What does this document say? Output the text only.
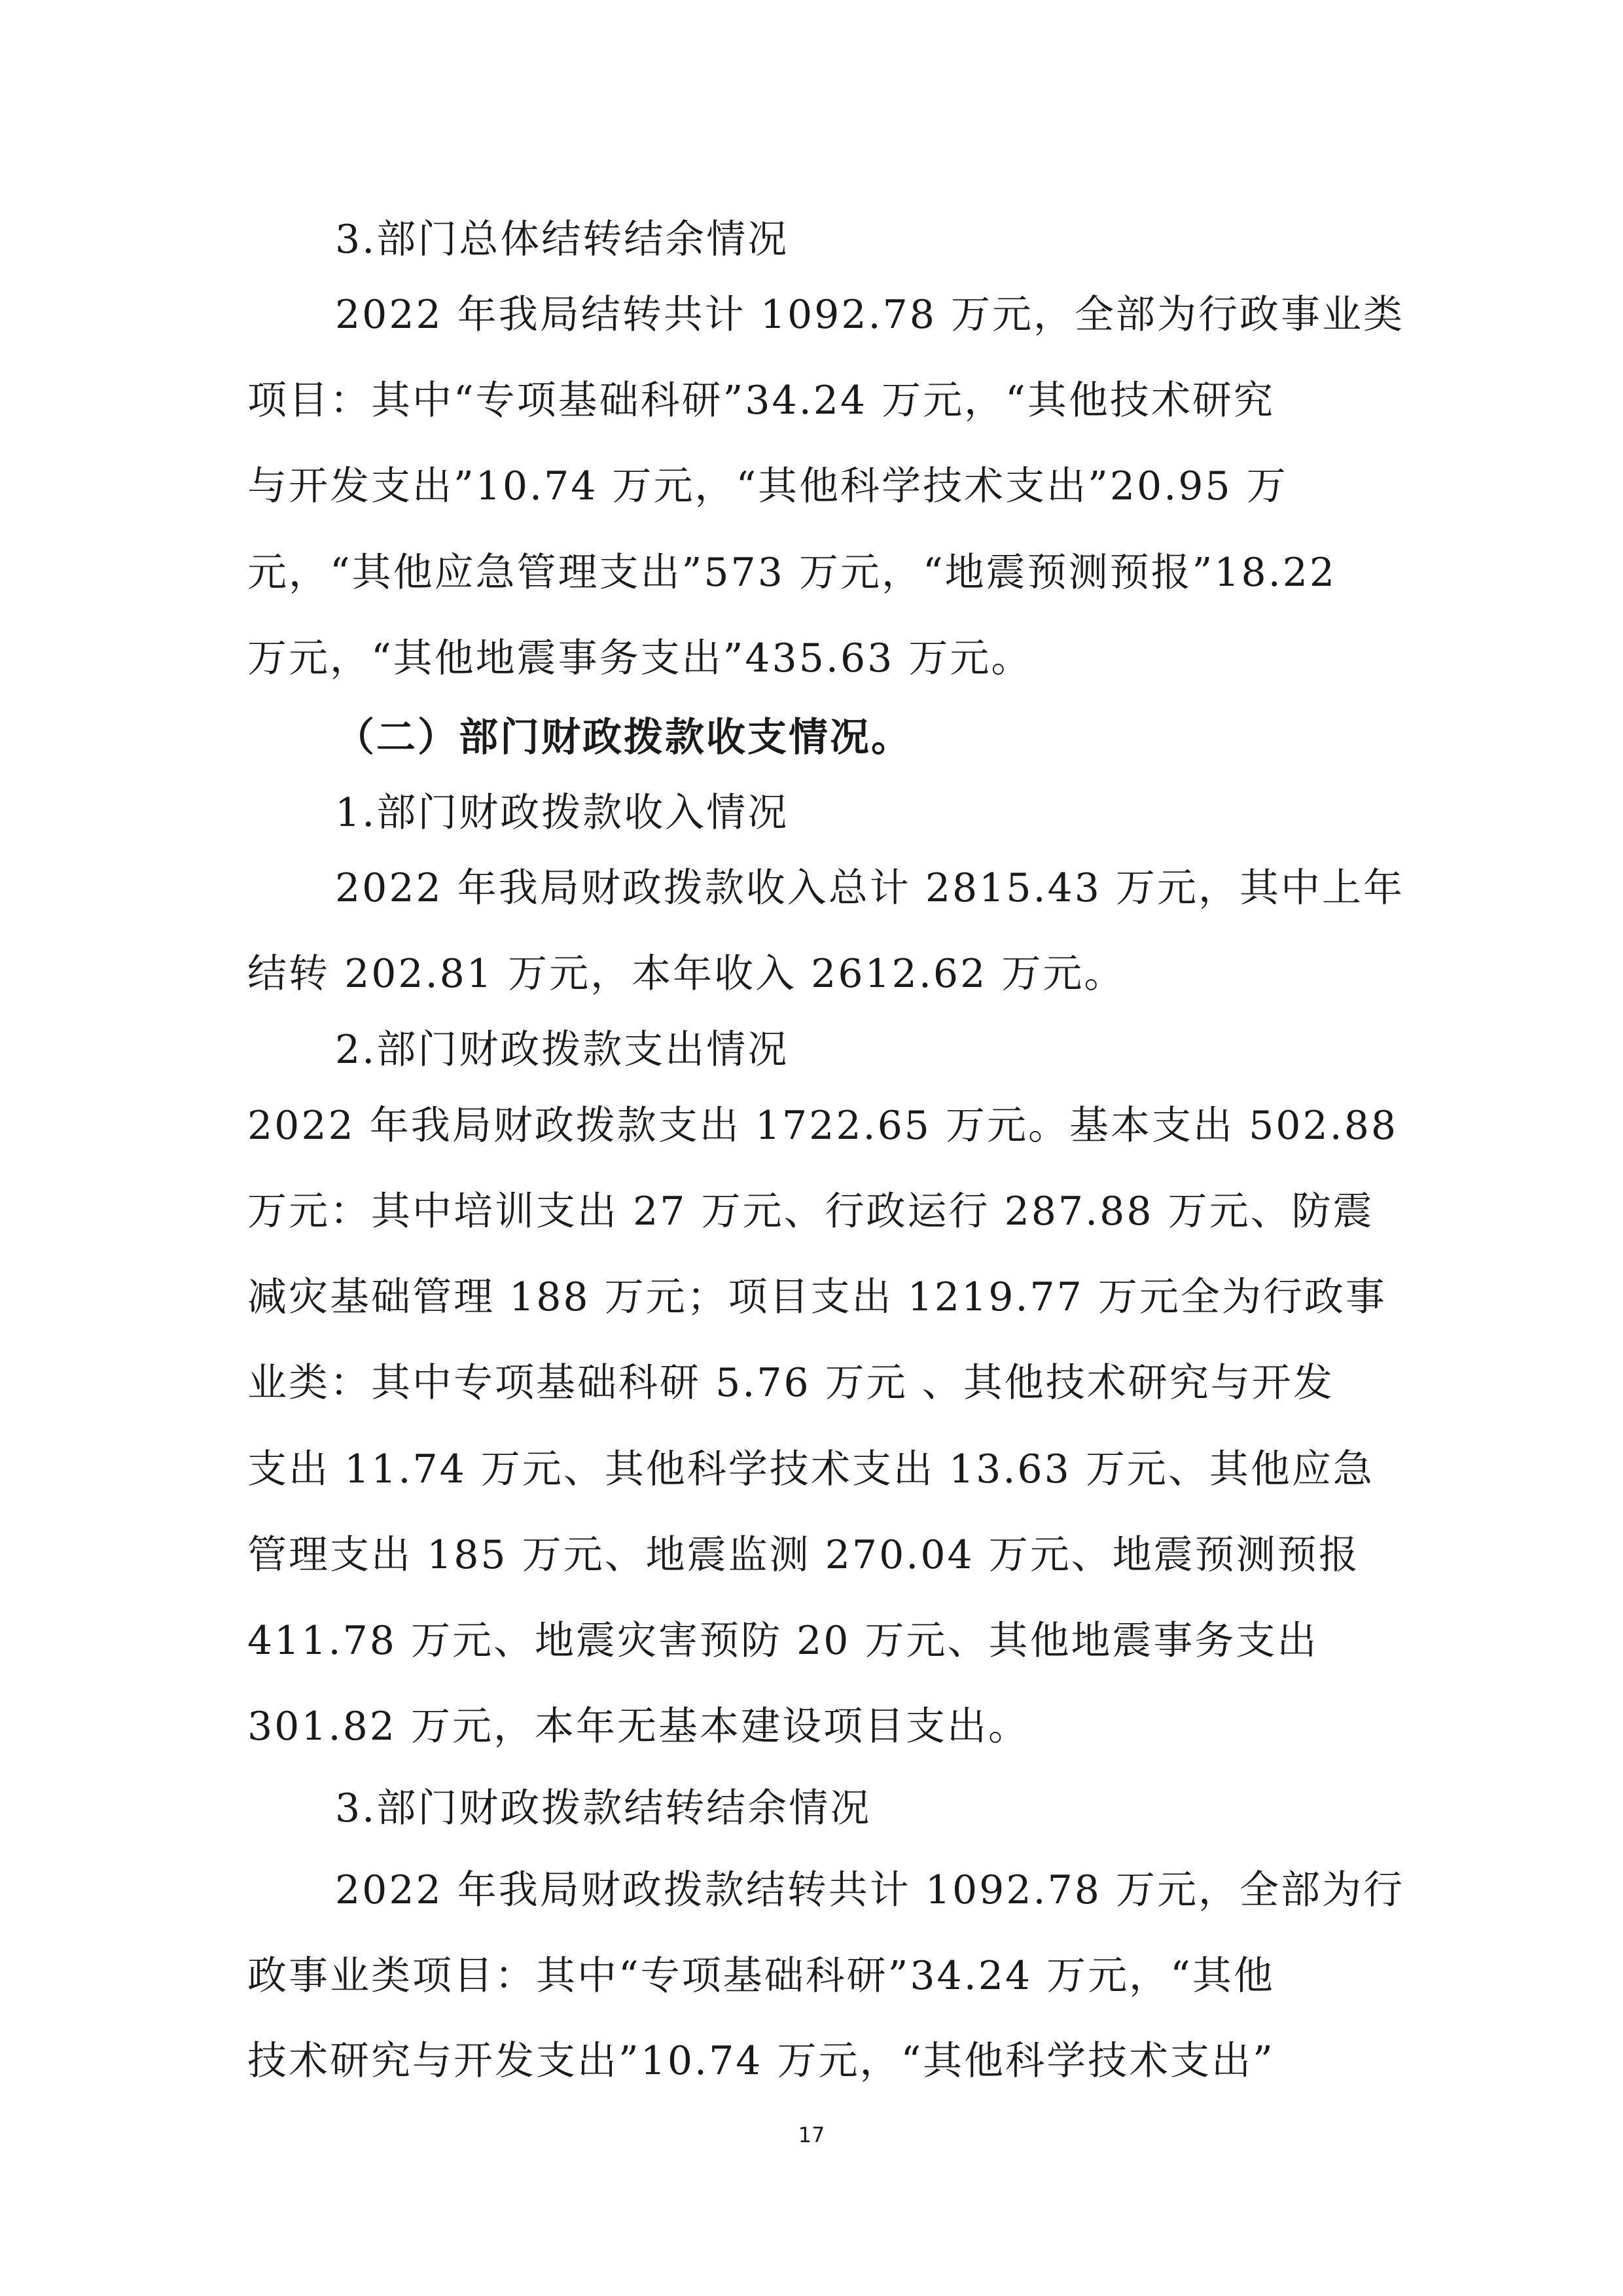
3.部门总体结转结余情况

2022 年我局结转共计 1092.78 万元，全部为行政事业类

项目：其中“专项基础科研”34.24 万元，“其他技术研究

与开发支出”10.74 万元，“其他科学技术支出”20.95 万

元，“其他应急管理支出”573 万元，“地震预测预报”18.22

万元，“其他地震事务支出”435.63 万元。

（二）部门财政拨款收支情况。

1.部门财政拨款收入情况

2022 年我局财政拨款收入总计 2815.43 万元，其中上年

结转 202.81 万元，本年收入 2612.62 万元。

2.部门财政拨款支出情况

2022 年我局财政拨款支出 1722.65 万元。基本支出 502.88

万元：其中培训支出 27 万元、行政运行 287.88 万元、防震

减灾基础管理 188 万元；项目支出 1219.77 万元全为行政事

业类：其中专项基础科研 5.76 万元 、其他技术研究与开发

支出 11.74 万元、其他科学技术支出 13.63 万元、其他应急

管理支出 185 万元、地震监测 270.04 万元、地震预测预报

411.78 万元、地震灾害预防 20 万元、其他地震事务支出

301.82 万元，本年无基本建设项目支出。

3.部门财政拨款结转结余情况

2022 年我局财政拨款结转共计 1092.78 万元，全部为行

政事业类项目：其中“专项基础科研”34.24 万元，“其他

技术研究与开发支出”10.74 万元，“其他科学技术支出”

17
